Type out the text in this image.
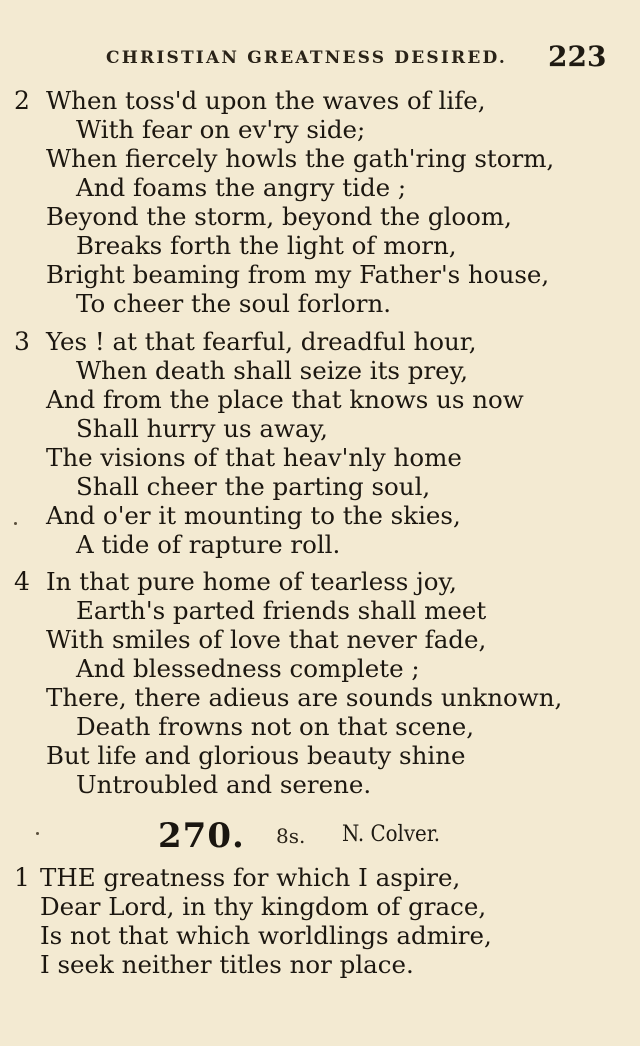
CHRISTIAN GREATNESS DESIRED. 223
2 When toss'd upon the waves of life,
With fear on ev'ry side;
When fiercely howls the gath'ring storm,
And foams the angry tide ;
Beyond the storm, beyond the gloom,
Breaks forth the light of morn,
Bright beaming from my Father's house,
To cheer the soul forlorn.
3 Yes ! at that fearful, dreadful hour,
When death shall seize its prey,
And from the place that knows us now
Shall hurry us away,
The visions of that heav'nly home
Shall cheer the parting soul,
And o'er it mounting to the skies,
A tide of rapture roll.
4 In that pure home of tearless joy,
Earth's parted friends shall meet
With smiles of love that never fade,
And blessedness complete ;
There, there adieus are sounds unknown,
Death frowns not on that scene,
But life and glorious beauty shine
Untroubled and serene.
270. 8s. N. Colver.
1 THE greatness for which I aspire,
Dear Lord, in thy kingdom of grace,
Is not that which worldlings admire,
I seek neither titles nor place.
